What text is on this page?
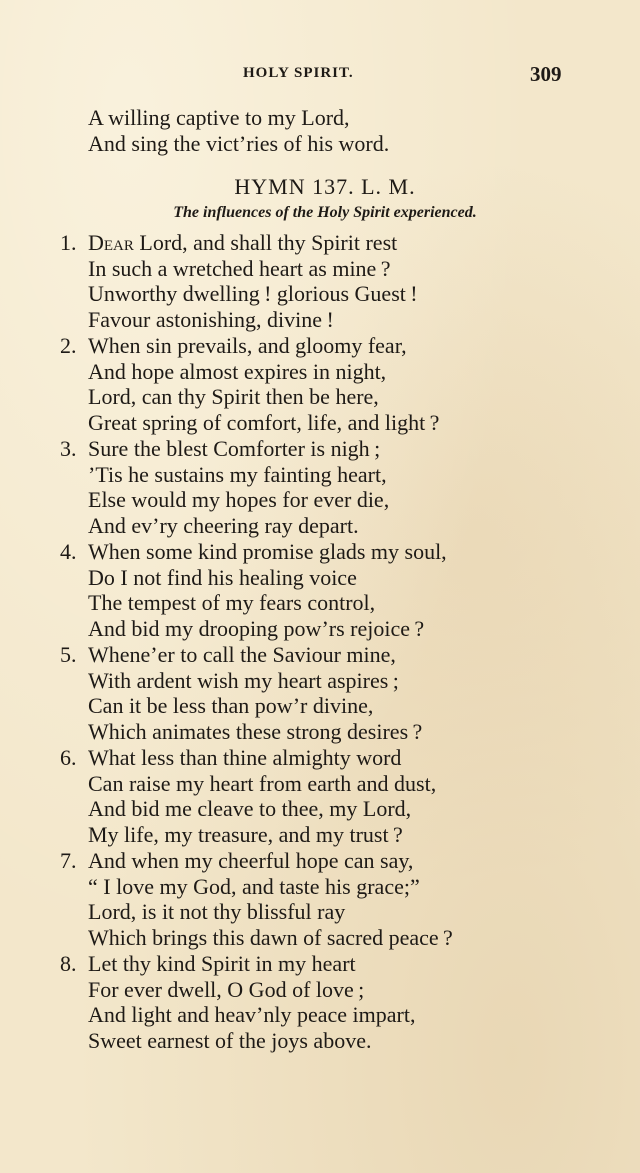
HOLY SPIRIT.	309
A willing captive to my Lord,
And sing the vict’ries of his word.
HYMN 137. L. M.
The influences of the Holy Spirit experienced.
1. Dear Lord, and shall thy Spirit rest
In such a wretched heart as mine ?
Unworthy dwelling ! glorious Guest !
Favour astonishing, divine !
2. When sin prevails, and gloomy fear,
And hope almost expires in night,
Lord, can thy Spirit then be here,
Great spring of comfort, life, and light ?
3. Sure the blest Comforter is nigh ;
’Tis he sustains my fainting heart,
Else would my hopes for ever die,
And ev’ry cheering ray depart.
4. When some kind promise glads my soul,
Do I not find his healing voice
The tempest of my fears control,
And bid my drooping pow’rs rejoice ?
5. Whene’er to call the Saviour mine,
With ardent wish my heart aspires ;
Can it be less than pow’r divine,
Which animates these strong desires ?
6. What less than thine almighty word
Can raise my heart from earth and dust,
And bid me cleave to thee, my Lord,
My life, my treasure, and my trust ?
7. And when my cheerful hope can say,
“ I love my God, and taste his grace;”
Lord, is it not thy blissful ray
Which brings this dawn of sacred peace ?
8. Let thy kind Spirit in my heart
For ever dwell, O God of love ;
And light and heav’nly peace impart,
Sweet earnest of the joys above.
